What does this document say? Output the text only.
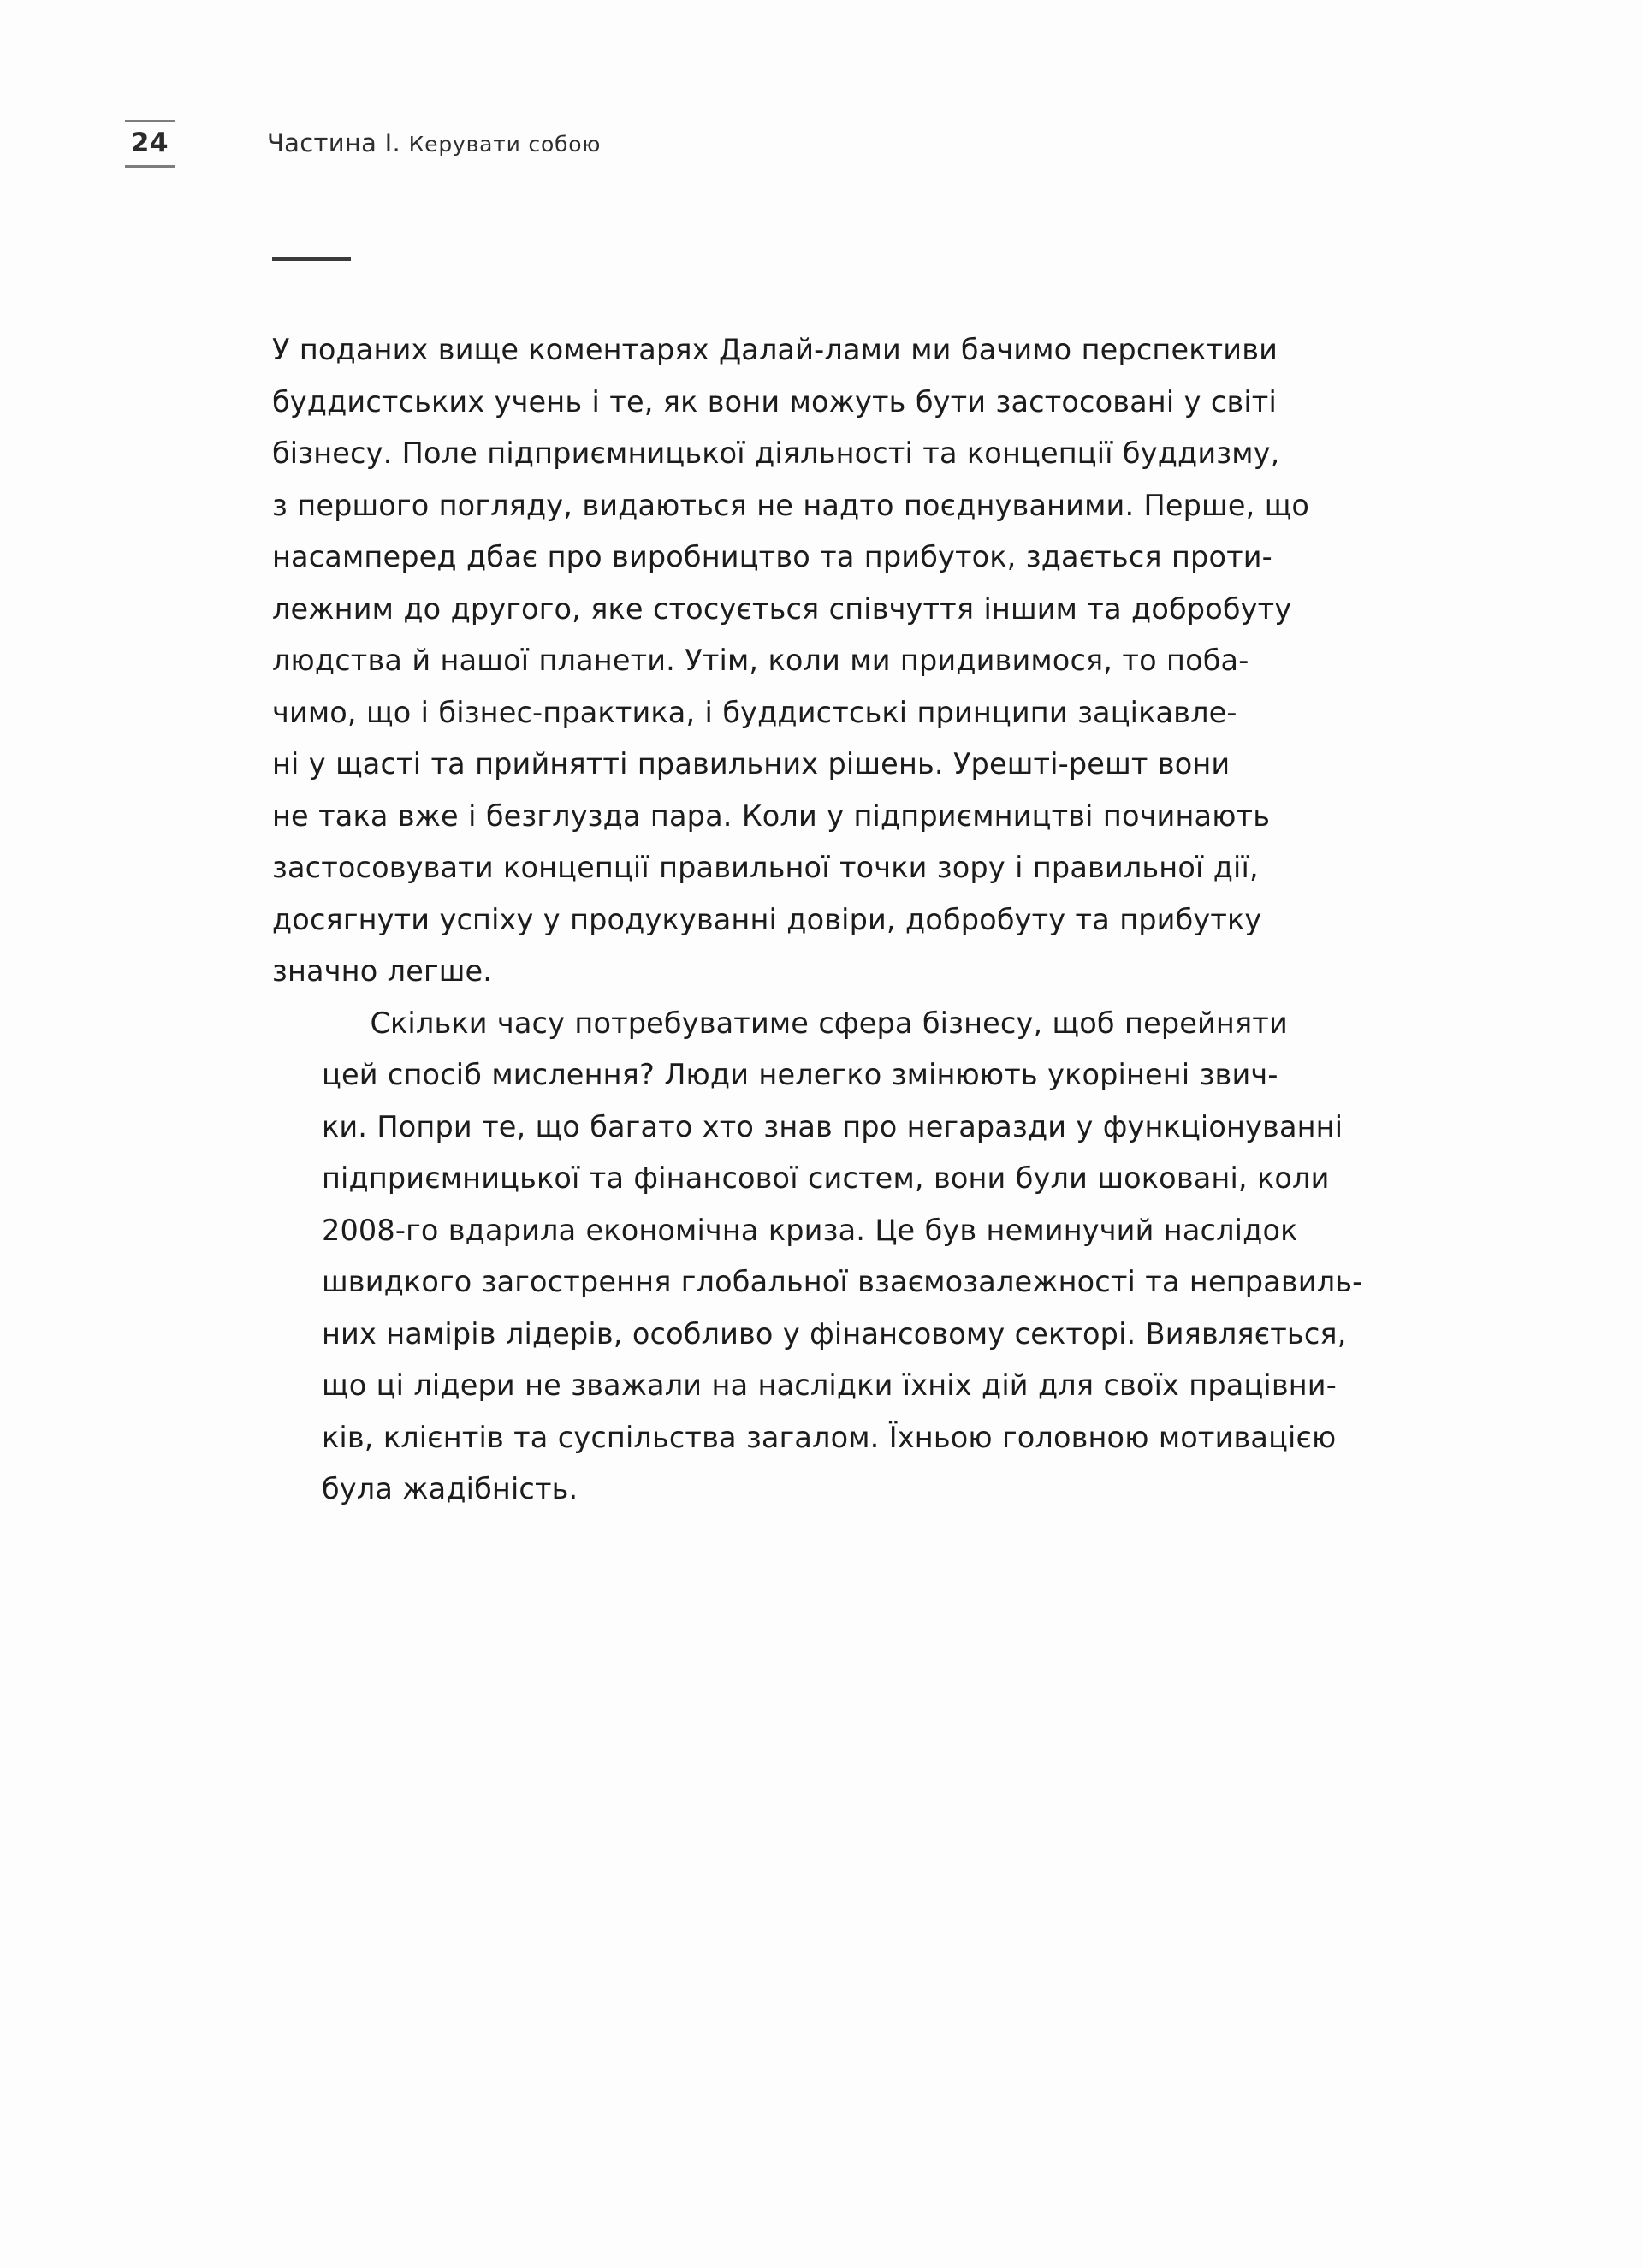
24	Частина I. Керувати собою

У поданих вище коментарях Далай-лами ми бачимо перспективи
буддистських учень і те, як вони можуть бути застосовані у світі
бізнесу. Поле підприємницької діяльності та концепції буддизму,
з першого погляду, видаються не надто поєднуваними. Перше, що
насамперед дбає про виробництво та прибуток, здається проти-
лежним до другого, яке стосується співчуття іншим та добробуту
людства й нашої планети. Утім, коли ми придивимося, то поба-
чимо, що і бізнес-практика, і буддистські принципи зацікавле-
ні у щасті та прийнятті правильних рішень. Урешті-решт вони
не така вже і безглузда пара. Коли у підприємництві починають
застосовувати концепції правильної точки зору і правильної дії,
досягнути успіху у продукуванні довіри, добробуту та прибутку
значно легше.

Скільки часу потребуватиме сфера бізнесу, щоб перейняти
цей спосіб мислення? Люди нелегко змінюють укорінені звич-
ки. Попри те, що багато хто знав про негаразди у функціонуванні
підприємницької та фінансової систем, вони були шоковані, коли
2008-го вдарила економічна криза. Це був неминучий наслідок
швидкого загострення глобальної взаємозалежності та неправиль-
них намірів лідерів, особливо у фінансовому секторі. Виявляється,
що ці лідери не зважали на наслідки їхніх дій для своїх працівни-
ків, клієнтів та суспільства загалом. Їхньою головною мотивацією
була жадібність.
